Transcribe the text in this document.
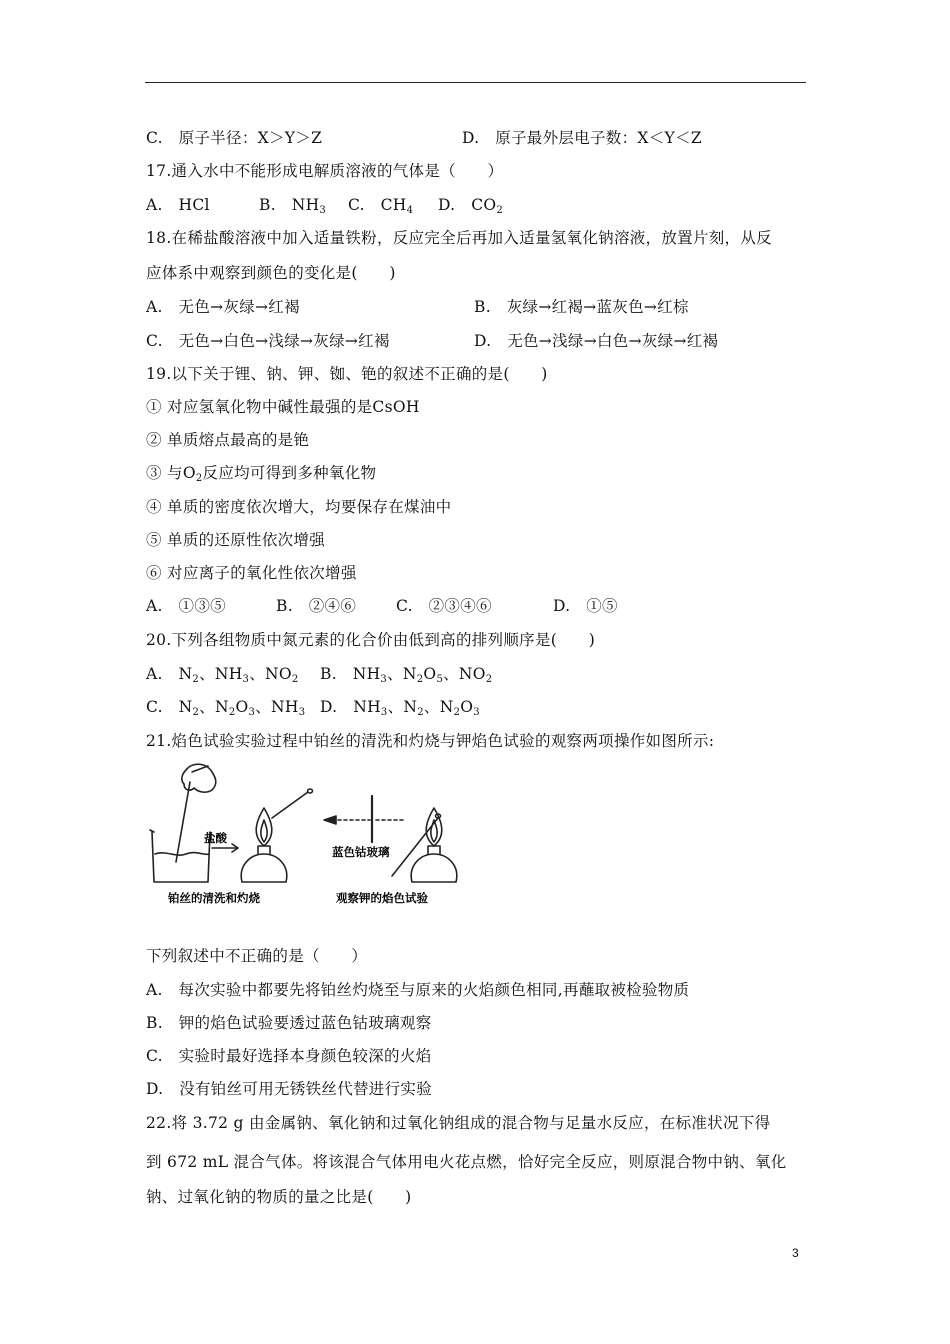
C.　原子半径：X＞Y＞Z	D.　原子最外层电子数：X＜Y＜Z
17.通入水中不能形成电解质溶液的气体是（　　）
A.　HCl	B.　$NH_3$ C.　$CH_4$ D.　$CO_2$
18.在稀盐酸溶液中加入适量铁粉，反应完全后再加入适量氢氧化钠溶液，放置片刻，从反
应体系中观察到颜色的变化是(　　)
A.　无色→灰绿→红褐	B.　灰绿→红褐→蓝灰色→红棕
C.　无色→白色→浅绿→灰绿→红褐	D.　无色→浅绿→白色→灰绿→红褐
19.以下关于锂、钠、钾、铷、铯的叙述不正确的是(　　)
① 对应氢氧化物中碱性最强的是CsOH
② 单质熔点最高的是铯
③ 与$O_2$反应均可得到多种氧化物
④ 单质的密度依次增大，均要保存在煤油中
⑤ 单质的还原性依次增强
⑥ 对应离子的氧化性依次增强
A.　①③⑤	B.　②④⑥	C.　②③④⑥	D.　①⑤
20.下列各组物质中氮元素的化合价由低到高的排列顺序是(　　)
A.　$N_2$、$NH_3$、$NO_2$ B.　$NH_3$、$N_2O_5$、$NO_2$
C.　$N_2$、$N_2O_3$、$NH_3$ D.　$NH_3$、$N_2$、$N_2O_3$
21.焰色试验实验过程中铂丝的清洗和灼烧与钾焰色试验的观察两项操作如图所示:
盐酸
蓝色钴玻璃
铂丝的清洗和灼烧	观察钾的焰色试验
下列叙述中不正确的是（　　）
A.　每次实验中都要先将铂丝灼烧至与原来的火焰颜色相同,再蘸取被检验物质
B.　钾的焰色试验要透过蓝色钴玻璃观察
C.　实验时最好选择本身颜色较深的火焰
D.　没有铂丝可用无锈铁丝代替进行实验
22.将 3.72 g 由金属钠、氧化钠和过氧化钠组成的混合物与足量水反应，在标准状况下得
到 672 mL 混合气体。将该混合气体用电火花点燃，恰好完全反应，则原混合物中钠、氧化
钠、过氧化钠的物质的量之比是(　　)
3
